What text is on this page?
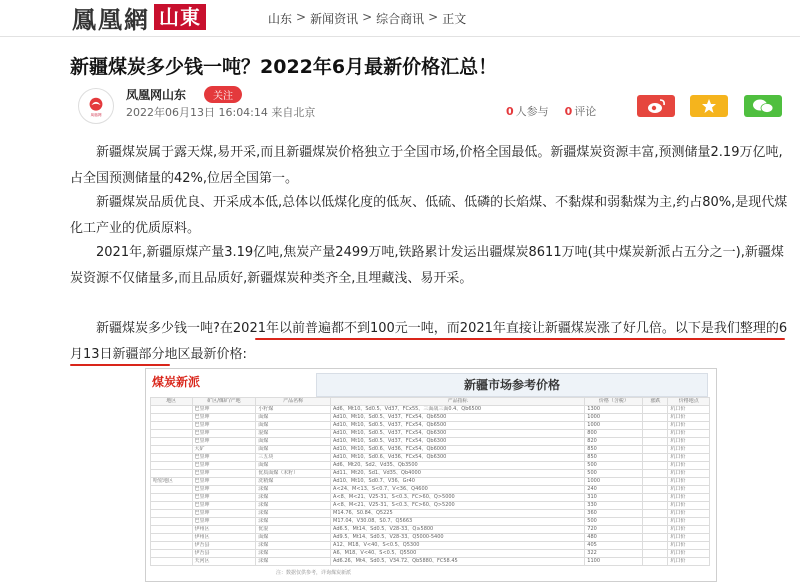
鳳凰網 山東	山东 > 新闻资讯 > 综合商讯 > 正文
新疆煤炭多少钱一吨？2022年6月最新价格汇总！
凤凰网
凤凰网山东	关注
2022年06月13日 16:04:14 来自北京	0 人参与 0 评论

新疆煤炭属于露天煤,易开采,而且新疆煤炭价格独立于全国市场,价格全国最低。新疆煤炭资源丰富,预测储量2.19万亿吨,占全国预测储量的42%,位居全国第一。

新疆煤炭品质优良、开采成本低,总体以低煤化度的低灰、低硫、低磷的长焰煤、不黏煤和弱黏煤为主,约占80%,是现代煤化工产业的优质原料。

2021年,新疆原煤产量3.19亿吨,焦炭产量2499万吨,铁路累计发运出疆煤炭8611万吨(其中煤炭新派占五分之一),新疆煤炭资源不仅储量多,而且品质好,新疆煤炭种类齐全,且埋藏浅、易开采。

新疆煤炭多少钱一吨?在2021年以前普遍都不到100元一吨，而2021年直接让新疆煤炭涨了好几倍。以下是我们整理的6月13日新疆部分地区最新价格:

煤炭新派	新疆市场参考价格
地区	矿区/煤矿/产地	产品名称	产品指标	价格（含税）	涨跌	价格地点
	巴里坤	小籽煤	Ad6、Mt10、Sd0.5、Vd37、FCx55、三面战三面0.4、Qb6500	1300		坑口价
	巴里坤	面煤	Ad10、Mt10、Sd0.5、Vd37、FCx54、Qb6500	1000		坑口价
	巴里坤	面煤	Ad10、Mt10、Sd0.5、Vd37、FCx54、Qb6500	1000		坑口价
	巴里坤	混煤	Ad10、Mt10、Sd0.5、Vd37、FCx54、Qb6300	800		坑口价
	巴里坤	面煤	Ad10、Mt10、Sd0.5、Vd37、FCx54、Qb6300	820		坑口价
	大矿	面煤	Ad10、Mt10、Sd0.6、Vd36、FCx54、Qb6000	850		坑口价
	巴里坤	三五块	Ad10、Mt10、Sd0.6、Vd36、FCx54、Qb6300	850		坑口价
	巴里坤	面煤	Ad6、Mt20、Sd2、Vd35、Qb3500	500		坑口价
	巴里坤	优质面煤（末籽）	Ad11、Mt20、Sd1、Vd35、Qb4000	500		坑口价
哈密地区	巴里坤	洗精煤	Ad10、Mt10、Sd0.7、V36、Gr40	1000		坑口价
	巴里坤	沫煤	A<24、M<13、S<0.7、V<36、Q4600	240		坑口价
	巴里坤	沫煤	A<8、M<21、V25-31、S<0.3、FC>60、Q>5000	310		坑口价
	巴里坤	沫煤	A<8、M<21、V25-31、S<0.3、FC>60、Q>5200	330		坑口价
	巴里坤	沫煤	M14.76、S0.84、Q5225	360		坑口价
	巴里坤	沫煤	M17.04、V30.08、S0.7、Q5663	500		坑口价
	伊州区	优混	Ad6.5、Mt14、Sd0.5、V28-33、Q≥5800	720		坑口价
	伊州区	面煤	Ad9.5、Mt14、Sd0.5、V28-33、Q5000-5400	480		坑口价
	伊吾县	沫煤	A12、M18、V<40、S<0.5、Q5300	405		坑口价
	伊吾县	沫煤	A6、M18、V<40、S<0.5、Q5500	322		坑口价
	天河区	沫煤	Ad6.26、Mt4、Sd0.5、V34.72、Qb5880、FC58.45	1100		坑口价
注：数据仅供参考，详询煤炭新派
